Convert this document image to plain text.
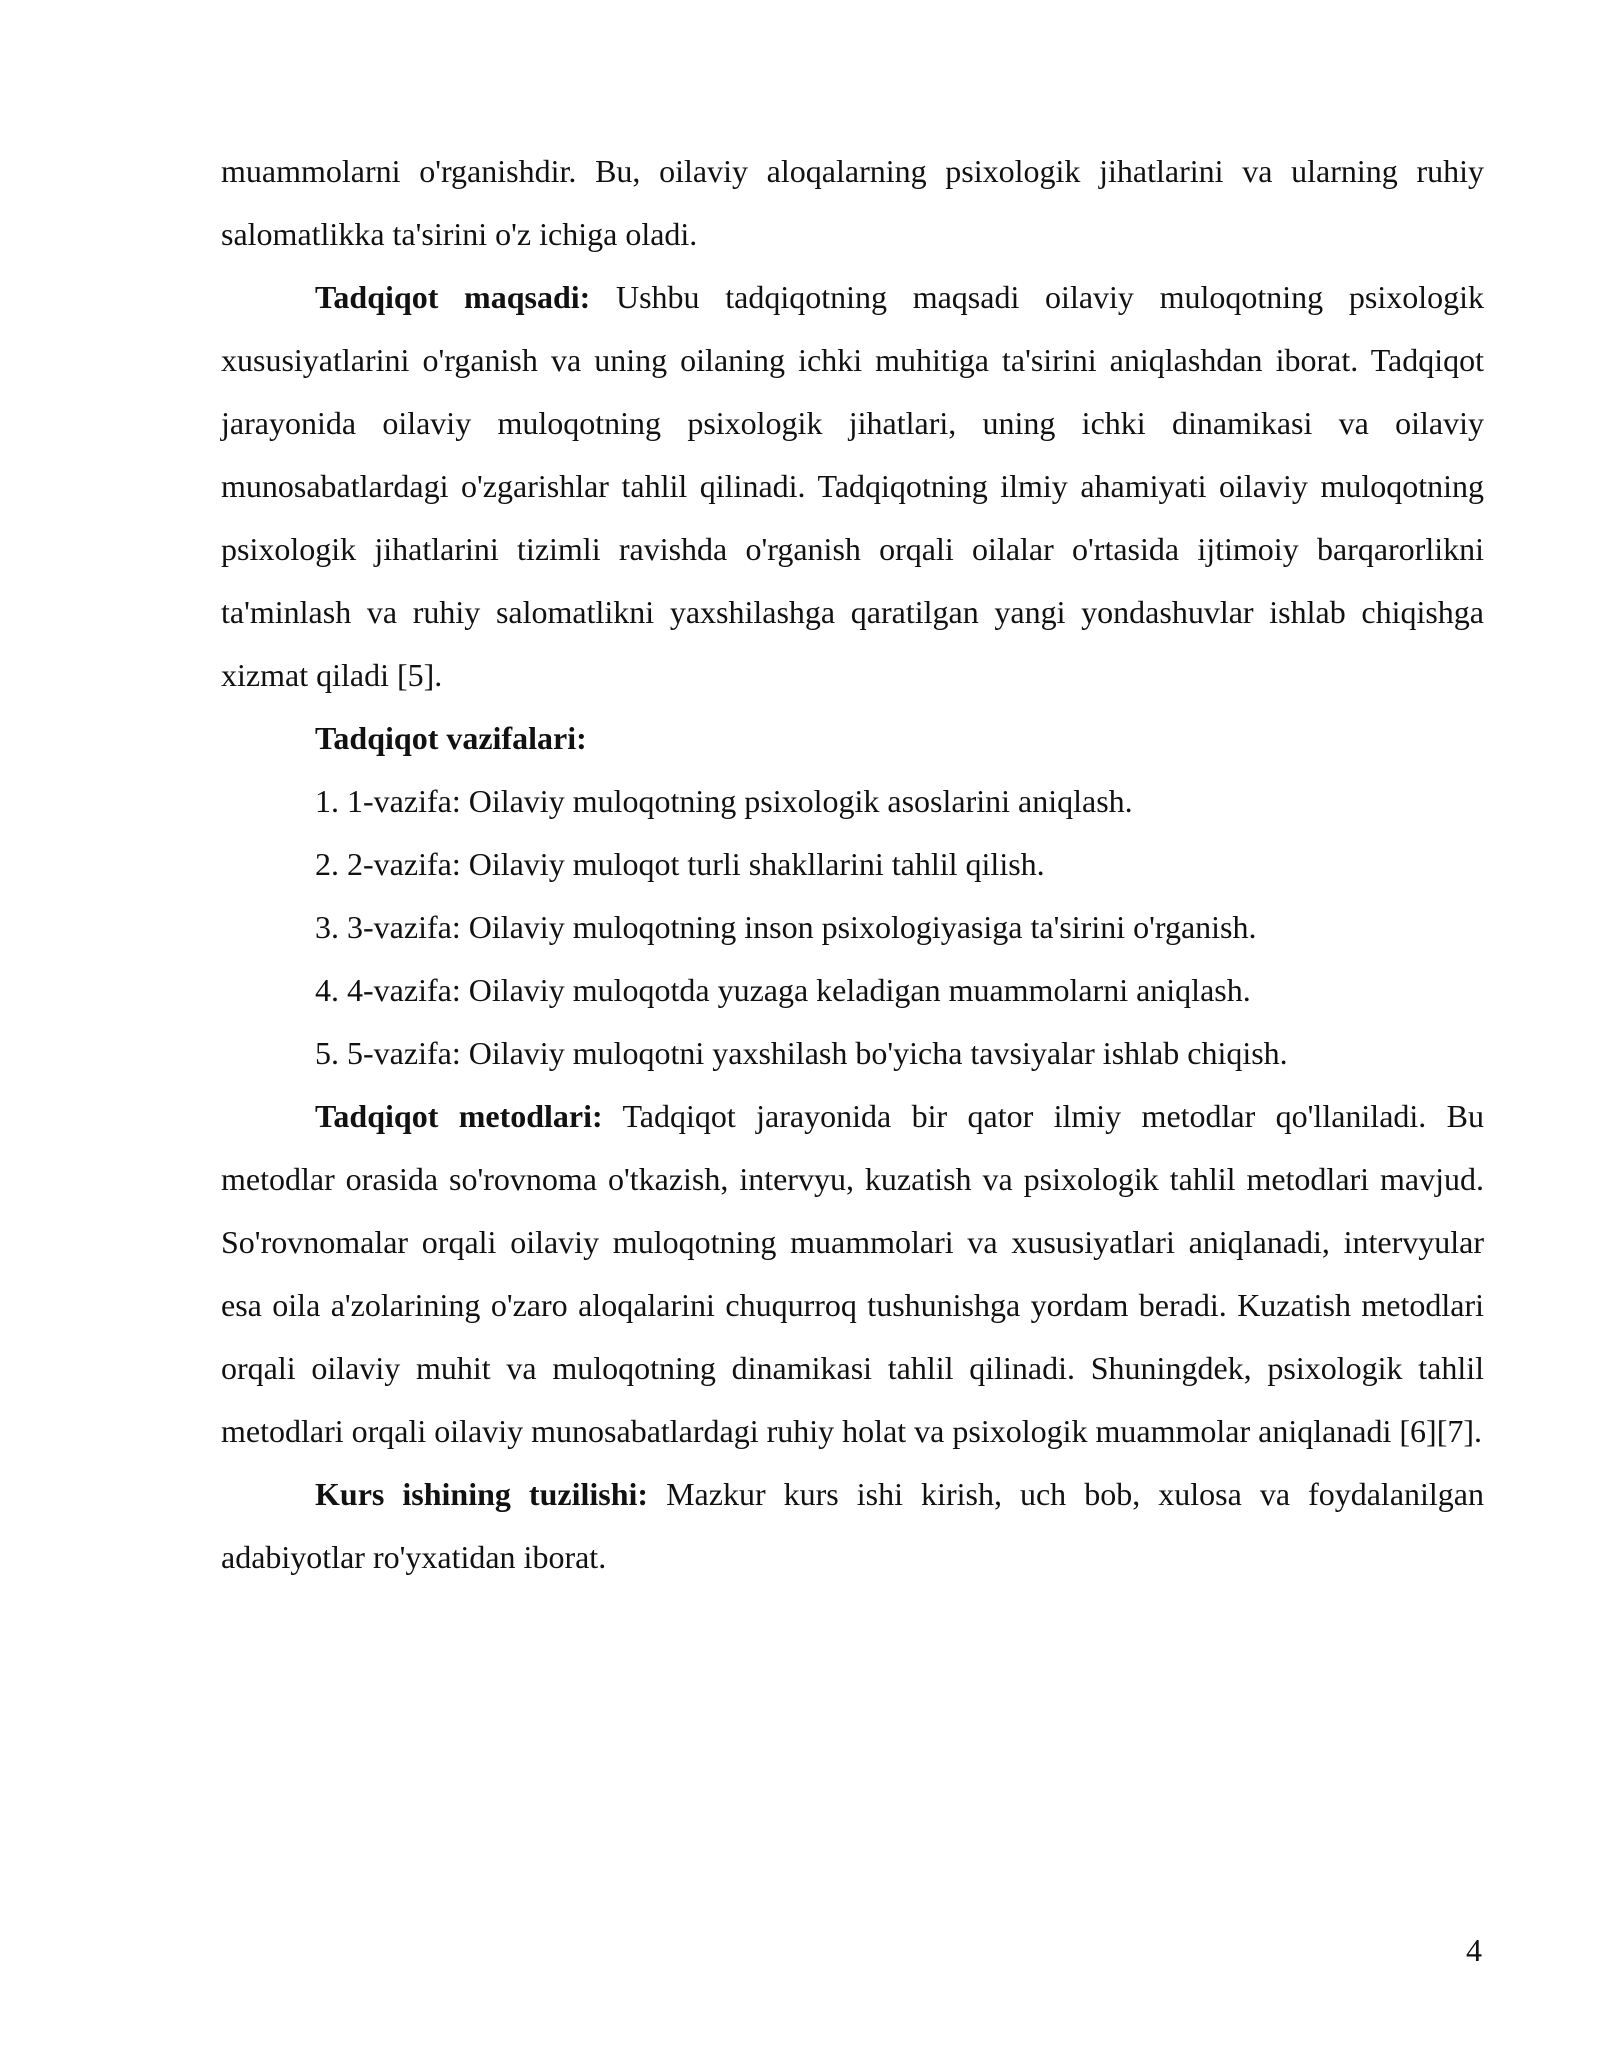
muammolarni o'rganishdir. Bu, oilaviy aloqalarning psixologik jihatlarini va ularning ruhiy salomatlikka ta'sirini o'z ichiga oladi.

Tadqiqot maqsadi: Ushbu tadqiqotning maqsadi oilaviy muloqotning psixologik xususiyatlarini o'rganish va uning oilaning ichki muhitiga ta'sirini aniqlashdan iborat. Tadqiqot jarayonida oilaviy muloqotning psixologik jihatlari, uning ichki dinamikasi va oilaviy munosabatlardagi o'zgarishlar tahlil qilinadi. Tadqiqotning ilmiy ahamiyati oilaviy muloqotning psixologik jihatlarini tizimli ravishda o'rganish orqali oilalar o'rtasida ijtimoiy barqarorlikni ta'minlash va ruhiy salomatlikni yaxshilashga qaratilgan yangi yondashuvlar ishlab chiqishga xizmat qiladi [5].

Tadqiqot vazifalari:

1. 1-vazifa: Oilaviy muloqotning psixologik asoslarini aniqlash.
2. 2-vazifa: Oilaviy muloqot turli shakllarini tahlil qilish.
3. 3-vazifa: Oilaviy muloqotning inson psixologiyasiga ta'sirini o'rganish.
4. 4-vazifa: Oilaviy muloqotda yuzaga keladigan muammolarni aniqlash.
5. 5-vazifa: Oilaviy muloqotni yaxshilash bo'yicha tavsiyalar ishlab chiqish.

Tadqiqot metodlari: Tadqiqot jarayonida bir qator ilmiy metodlar qo'llaniladi. Bu metodlar orasida so'rovnoma o'tkazish, intervyu, kuzatish va psixologik tahlil metodlari mavjud. So'rovnomalar orqali oilaviy muloqotning muammolari va xususiyatlari aniqlanadi, intervyular esa oila a'zolarining o'zaro aloqalarini chuqurroq tushunishga yordam beradi. Kuzatish metodlari orqali oilaviy muhit va muloqotning dinamikasi tahlil qilinadi. Shuningdek, psixologik tahlil metodlari orqali oilaviy munosabatlardagi ruhiy holat va psixologik muammolar aniqlanadi [6][7].

Kurs ishining tuzilishi: Mazkur kurs ishi kirish, uch bob, xulosa va foydalanilgan adabiyotlar ro'yxatidan iborat.

4
